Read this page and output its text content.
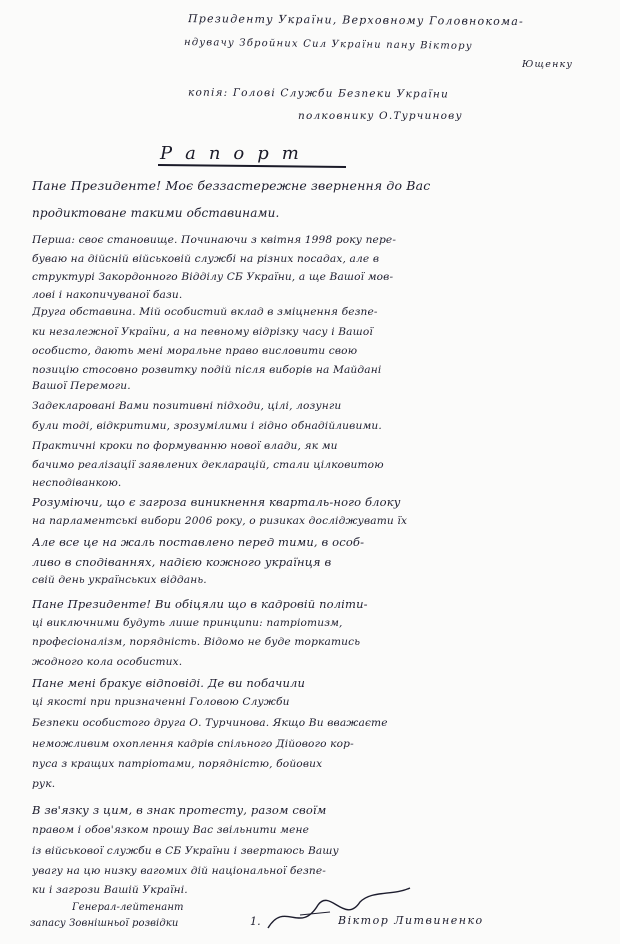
Президенту України, Верховному Головнокома-
ндувачу Збройних Сил України пану Віктору
Ющенку
копія: Голові Служби Безпеки України
полковнику О.Турчинову
Рапорт
Пане Президенте! Моє беззастережне звернення до Вас
продиктоване такими обставинами.
Перша: своє становище. Починаючи з квітня 1998 року пере-
буваю на дійсній військовій службі на різних посадах, але в
структурі Закордонного Відділу СБ України, а ще Вашої мов-
лові і накопичуваної бази.
Друга обставина. Мій особистий вклад в зміцнення безпе-
ки незалежної України, а на певному відрізку часу і Вашої
особисто, дають мені моральне право висловити свою
позицію стосовно розвитку подій після виборів на Майдані
Вашої Перемоги.
Задекларовані Вами позитивні підходи, цілі, лозунги
були тоді, відкритими, зрозумілими і гідно обнадійливими.
Практичні кроки по формуванню нової влади, як ми
бачимо реалізації заявлених декларацій, стали цілковитою
несподіванкою.
Розуміючи, що є загроза виникнення кварталь-ного блоку
на парламентські вибори 2006 року, о ризиках досліджувати їх
Але все це на жаль поставлено перед тими, в особ-
ливо в сподіваннях, надією кожного українця в
свій день українських віддань.
Пане Президенте! Ви обіцяли що в кадровій політи-
ці виключними будуть лише принципи: патріотизм,
професіоналізм, порядність. Відомо не буде торкатись
жодного кола особистих.
Пане мені бракує відповіді. Де ви побачили
ці якості при призначенні Головою Служби
Безпеки особистого друга О. Турчинова. Якщо Ви вважаєте
неможливим охоплення кадрів спільного Дійового кор-
пуса з кращих патріотами, порядністю, бойових
рук.
В зв'язку з цим, в знак протесту, разом своїм
правом і обов'язком прошу Вас звільнити мене
із військової служби в СБ України і звертаюсь Вашу
увагу на цю низку вагомих дій національної безпе-
ки і загрози Вашій Україні.
Генерал-лейтенант
запасу Зовнішньої розвідки	1.	Віктор Литвиненко
